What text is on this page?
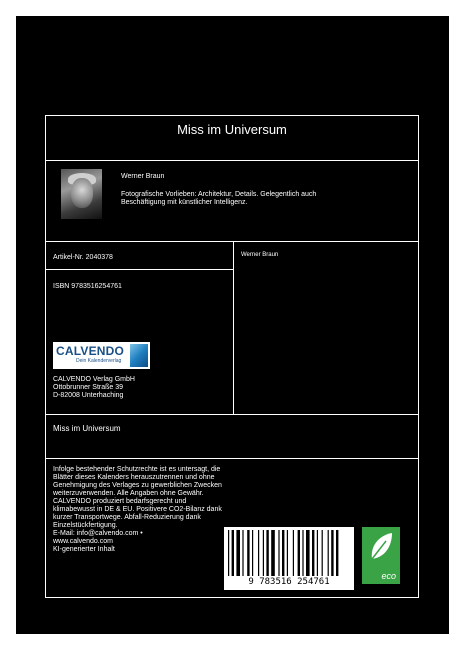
Miss im Universum
Werner Braun
Fotografische Vorlieben: Architektur, Details. Gelegentlich auch Beschäftigung mit künstlicher Intelligenz.
Artikel-Nr. 2040378	Werner Braun
ISBN 9783516254761
CALVENDO
Dein Kalenderverlag
CALVENDO Verlag GmbH
Ottobrunner Straße 39
D-82008 Unterhaching
Miss im Universum
Infolge bestehender Schutzrechte ist es untersagt, die Blätter dieses Kalenders herauszutrennen und ohne Genehmigung des Verlages zu gewerblichen Zwecken weiterzuverwenden. Alle Angaben ohne Gewähr.
CALVENDO produziert bedarfsgerecht und klimabewusst in DE & EU. Positivere CO2-Bilanz dank kurzer Transportwege. Abfall-Reduzierung dank Einzelstückfertigung.
E-Mail: info@calvendo.com •
www.calvendo.com
KI-generierter Inhalt
9 783516 254761
eco
